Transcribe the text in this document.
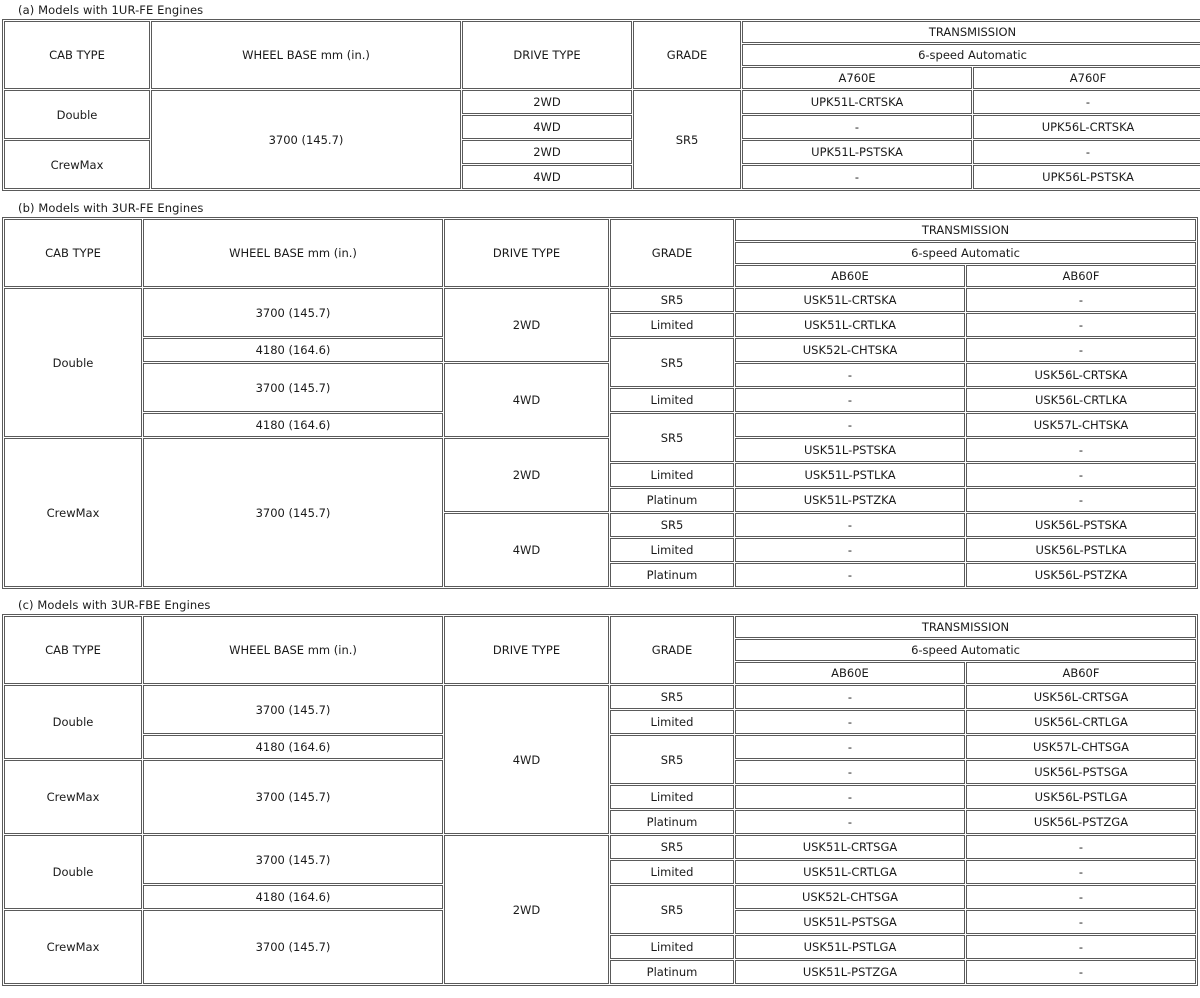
(a) Models with 1UR-FE Engines
CAB TYPE	WHEEL BASE mm (in.)	DRIVE TYPE	GRADE	TRANSMISSION	
				6-speed Automatic	
				A760E	A760F
Double	3700 (145.7)	2WD	SR5	UPK51L-CRTSKA	-
		4WD		-	UPK56L-CRTSKA
CrewMax		2WD		UPK51L-PSTSKA	-
		4WD		-	UPK56L-PSTSKA
(b) Models with 3UR-FE Engines
CAB TYPE	WHEEL BASE mm (in.)	DRIVE TYPE	GRADE	TRANSMISSION	
				6-speed Automatic	
				AB60E	AB60F
Double	3700 (145.7)	2WD	SR5	USK51L-CRTSKA	-
			Limited	USK51L-CRTLKA	-
	4180 (164.6)		SR5	USK52L-CHTSKA	-
	3700 (145.7)	4WD		-	USK56L-CRTSKA
			Limited	-	USK56L-CRTLKA
	4180 (164.6)		SR5	-	USK57L-CHTSKA
CrewMax	3700 (145.7)	2WD		USK51L-PSTSKA	-
			Limited	USK51L-PSTLKA	-
			Platinum	USK51L-PSTZKA	-
		4WD	SR5	-	USK56L-PSTSKA
			Limited	-	USK56L-PSTLKA
			Platinum	-	USK56L-PSTZKA
(c) Models with 3UR-FBE Engines
CAB TYPE	WHEEL BASE mm (in.)	DRIVE TYPE	GRADE	TRANSMISSION	
				6-speed Automatic	
				AB60E	AB60F
Double	3700 (145.7)	4WD	SR5	-	USK56L-CRTSGA
			Limited	-	USK56L-CRTLGA
	4180 (164.6)		SR5	-	USK57L-CHTSGA
CrewMax	3700 (145.7)			-	USK56L-PSTSGA
			Limited	-	USK56L-PSTLGA
			Platinum	-	USK56L-PSTZGA
Double	3700 (145.7)	2WD	SR5	USK51L-CRTSGA	-
			Limited	USK51L-CRTLGA	-
	4180 (164.6)		SR5	USK52L-CHTSGA	-
CrewMax	3700 (145.7)			USK51L-PSTSGA	-
			Limited	USK51L-PSTLGA	-
			Platinum	USK51L-PSTZGA	-
